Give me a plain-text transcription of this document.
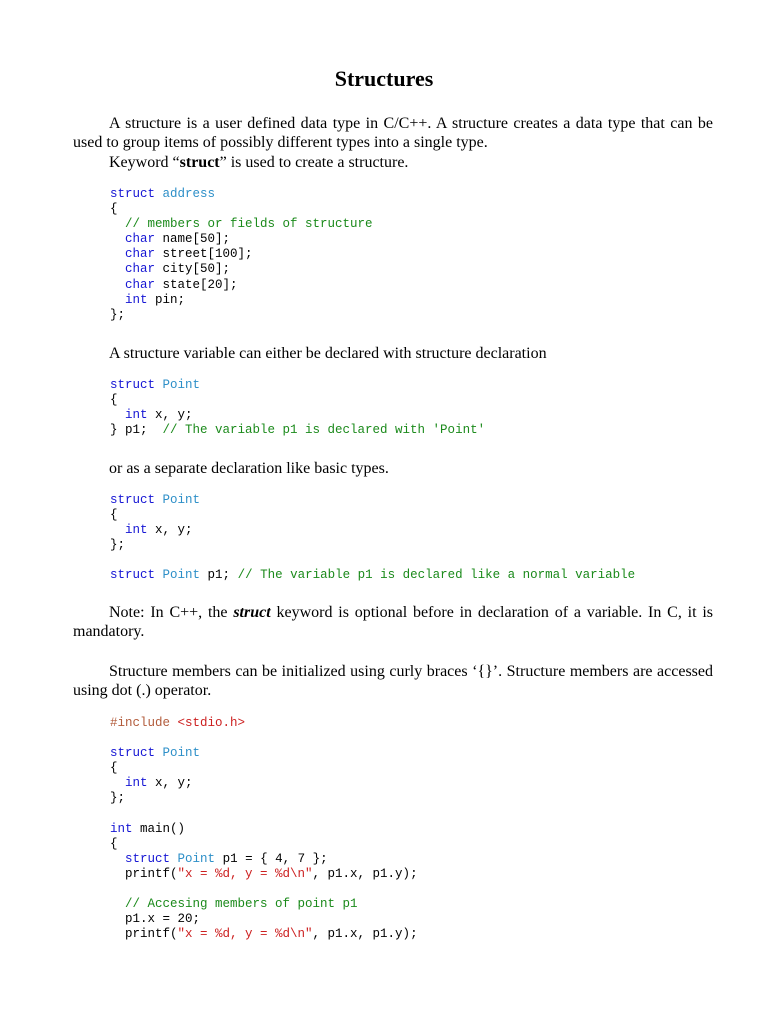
Structures

A structure is a user defined data type in C/C++. A structure creates a data type that can be used to group items of possibly different types into a single type.

Keyword “struct” is used to create a structure.

struct address
{
// members or fields of structure
char name[50];
char street[100];
char city[50];
char state[20];
int pin;
};

A structure variable can either be declared with structure declaration

struct Point
{
int x, y;
} p1;  // The variable p1 is declared with 'Point'

or as a separate declaration like basic types.

struct Point
{
int x, y;
};
struct Point p1; // The variable p1 is declared like a normal variable

Note: In C++, the struct keyword is optional before in declaration of a variable. In C, it is mandatory.

Structure members can be initialized using curly braces ‘{}’. Structure members are accessed using dot (.) operator.

#include <stdio.h>
struct Point
{
int x, y;
};
int main()
{
struct Point p1 = { 4, 7 };
printf("x = %d, y = %d\n", p1.x, p1.y);
// Accesing members of point p1
p1.x = 20;
printf("x = %d, y = %d\n", p1.x, p1.y);
